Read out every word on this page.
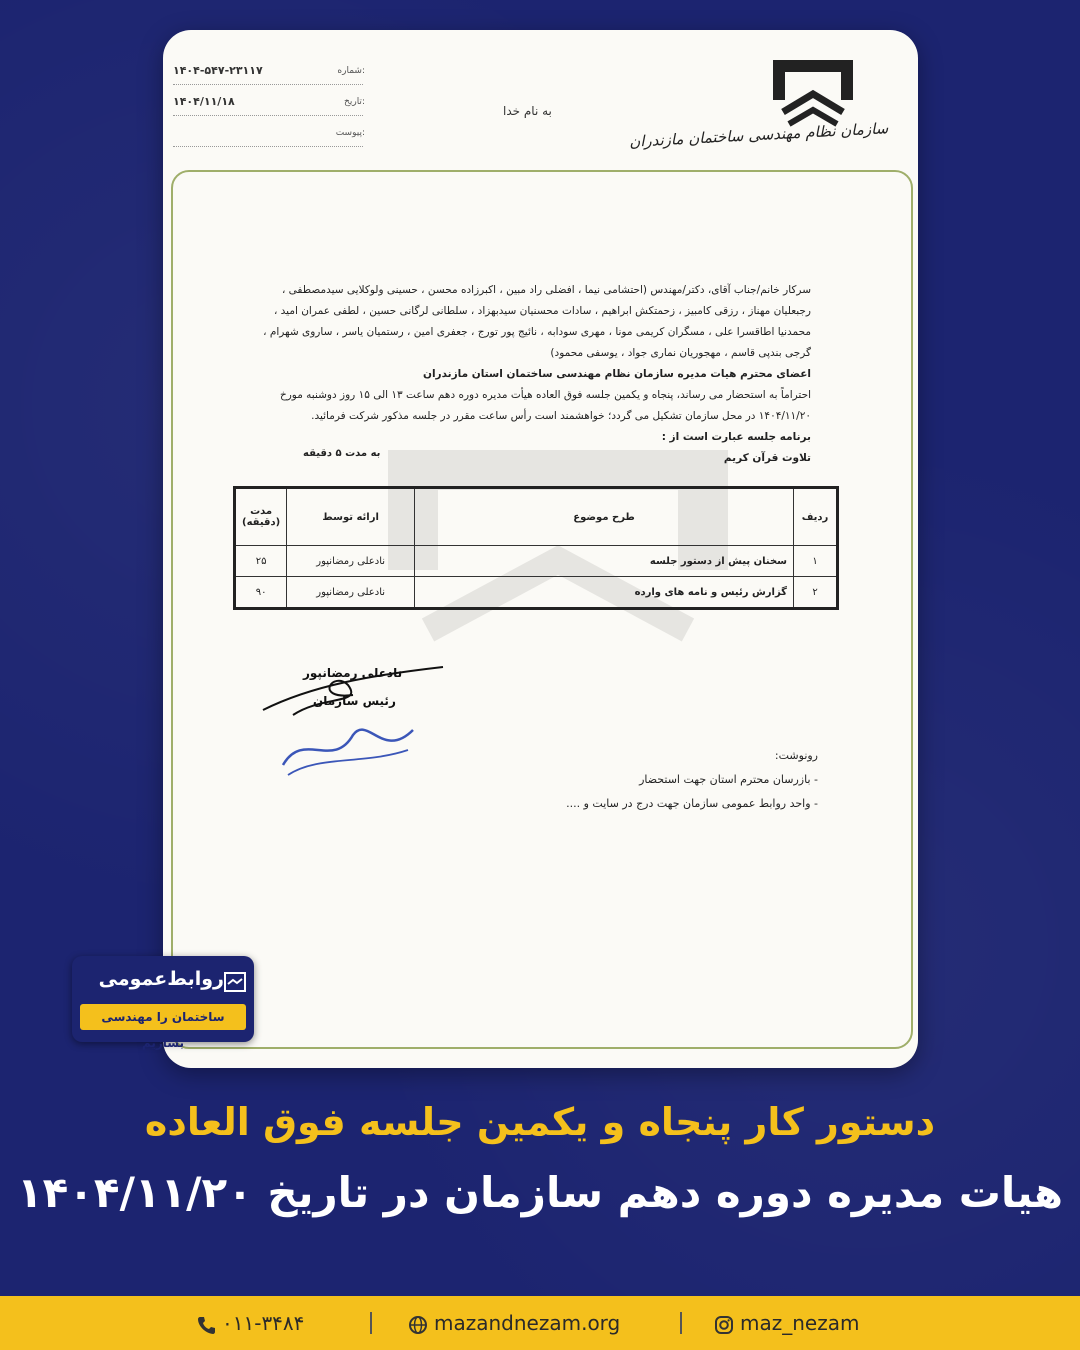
۱۴۰۴-۵۴۷-۲۳۱۱۷	شماره:
۱۴۰۴/۱۱/۱۸	تاریخ:
پیوست:
به نام خدا
سازمان نظام مهندسی ساختمان مازندران

سرکار خانم/جناب آقای، دکتر/مهندس (احتشامی نیما ، افضلی راد مبین ، اکبرزاده محسن ، حسینی ولوکلایی سیدمصطفی ،

رجبعلیان مهناز ، رزقی کامبیز ، زحمتکش ابراهیم ، سادات محسنیان سیدبهزاد ، سلطانی لرگانی حسین ، لطفی عمران امید ،

محمدنیا اطاقسرا علی ، مسگران کریمی مونا ، مهری سودابه ، نائیج پور تورج ، جعفری امین ، رستمیان یاسر ، ساروی شهرام ،

گرجی بندپی قاسم ، مهجوریان نماری جواد ، یوسفی محمود)

اعضای محترم هیات مدیره سازمان نظام مهندسی ساختمان استان مازندران

احتراماً به استحضار می رساند، پنجاه و یکمین جلسه فوق العاده هیأت مدیره دوره دهم ساعت ۱۳ الی ۱۵ روز دوشنبه مورخ

۱۴۰۴/۱۱/۲۰ در محل سازمان تشکیل می گردد؛ خواهشمند است رأس ساعت مقرر در جلسه مذکور شرکت فرمائید.

برنامه جلسه عبارت است از :

تلاوت قرآن کریم

به مدت ۵ دقیقه
ردیف	طرح موضوع	ارائه توسط	مدت (دقیقه)
۱	سخنان پیش از دستور جلسه	نادعلی رمضانپور	۲۵
۲	گزارش رئیس و نامه های وارده	نادعلی رمضانپور	۹۰
نادعلی رمضانپور
رئیس سازمان

رونوشت:

- بازرسان محترم استان جهت استحضار

- واحد روابط عمومی سازمان جهت درج در سایت و ....

روابط‌عمومی
ساختمان را مهندسی بسازیم
دستور کار پنجاه و یکمین جلسه فوق العاده
هیات مدیره دوره دهم سازمان در تاریخ ۱۴۰۴/۱۱/۲۰
۰۱۱-۳۴۸۴	mazandnezam.org	maz_nezam
